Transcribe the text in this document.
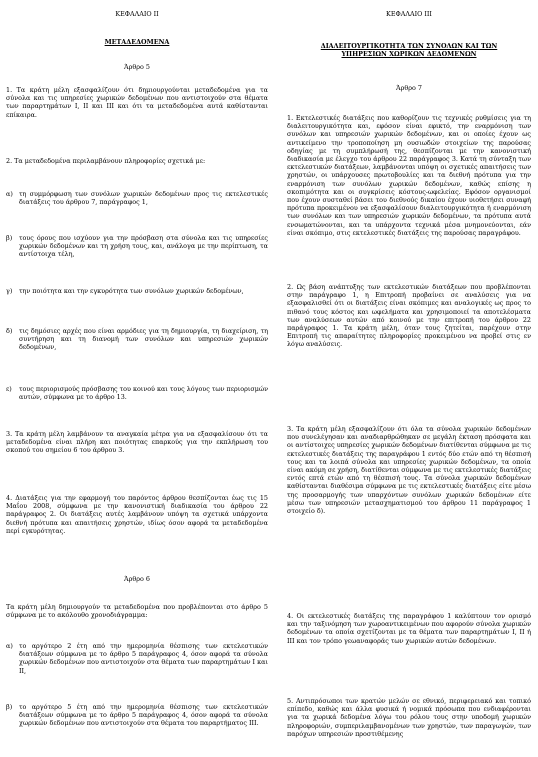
ΚΕΦΑΛΑΙΟ II
ΜΕΤΑΔΕΔΟΜΕΝΑ
Άρθρο 5
1. Τα κράτη μέλη εξασφαλίζουν ότι δημιουργούνται μεταδεδομένα για τα σύνολα και τις υπηρεσίες χωρικών δεδομένων που αντιστοιχούν στα θέματα των παραρτημάτων I, II και III και ότι τα μεταδεδομένα αυτά καθίστανται επίκαιρα.
2. Τα μεταδεδομένα περιλαμβάνουν πληροφορίες σχετικά με:
α) τη συμμόρφωση των συνόλων χωρικών δεδομένων προς τις εκτελεστικές διατάξεις του άρθρου 7, παράγραφος 1,
β) τους όρους που ισχύουν για την πρόσβαση στα σύνολα και τις υπηρεσίες χωρικών δεδομένων και τη χρήση τους, και, ανάλογα με την περίπτωση, τα αντίστοιχα τέλη,
γ) την ποιότητα και την εγκυρότητα των συνόλων χωρικών δεδομένων,
δ) τις δημόσιες αρχές που είναι αρμόδιες για τη δημιουργία, τη διαχείριση, τη συντήρηση και τη διανομή των συνόλων και υπηρεσιών χωρικών δεδομένων,
ε) τους περιορισμούς πρόσβασης του κοινού και τους λόγους των περιορισμών αυτών, σύμφωνα με το άρθρο 13.
3. Τα κράτη μέλη λαμβάνουν τα αναγκαία μέτρα για να εξασφαλίσουν ότι τα μεταδεδομένα είναι πλήρη και ποιότητας επαρκούς για την εκπλήρωση του σκοπού του σημείου 6 του άρθρου 3.
4. Διατάξεις για την εφαρμογή του παρόντος άρθρου θεσπίζονται έως τις 15 Μαΐου 2008, σύμφωνα με την κανονιστική διαδικασία του άρθρου 22 παράγραφος 2. Οι διατάξεις αυτές λαμβάνουν υπόψη τα σχετικά υπάρχοντα διεθνή πρότυπα και απαιτήσεις χρηστών, ιδίως όσον αφορά τα μεταδεδομένα περί εγκυρότητας.
Άρθρο 6
Τα κράτη μέλη δημιουργούν τα μεταδεδομένα που προβλέπονται στο άρθρο 5 σύμφωνα με το ακόλουθο χρονοδιάγραμμα:
α) το αργότερο 2 έτη από την ημερομηνία θέσπισης των εκτελεστικών διατάξεων σύμφωνα με το άρθρο 5 παράγραφος 4, όσον αφορά τα σύνολα χωρικών δεδομένων που αντιστοιχούν στα θέματα των παραρτημάτων I και II,
β) το αργότερο 5 έτη από την ημερομηνία θέσπισης των εκτελεστικών διατάξεων σύμφωνα με το άρθρο 5 παράγραφος 4, όσον αφορά τα σύνολα χωρικών δεδομένων που αντιστοιχούν στα θέματα του παραρτήματος III.
ΚΕΦΑΛΑΙΟ III
ΔΙΑΛΕΙΤΟΥΡΓΙΚΟΤΗΤΑ ΤΩΝ ΣΥΝΟΛΩΝ ΚΑΙ ΤΩΝ ΥΠΗΡΕΣΙΩΝ ΧΩΡΙΚΩΝ ΔΕΔΟΜΕΝΩΝ
Άρθρο 7
1. Εκτελεστικές διατάξεις που καθορίζουν τις τεχνικές ρυθμίσεις για τη διαλειτουργικότητα και, εφόσον είναι εφικτό, την εναρμόνιση των συνόλων και υπηρεσιών χωρικών δεδομένων, και οι οποίες έχουν ως αντικείμενο την τροποποίηση μη ουσιωδών στοιχείων της παρούσας οδηγίας με τη συμπλήρωσή της, θεσπίζονται με την κανονιστική διαδικασία με έλεγχο του άρθρου 22 παράγραφος 3. Κατά τη σύνταξη των εκτελεστικών διατάξεων, λαμβάνονται υπόψη οι σχετικές απαιτήσεις των χρηστών, οι υπάρχουσες πρωτοβουλίες και τα διεθνή πρότυπα για την εναρμόνιση των συνόλων χωρικών δεδομένων, καθώς επίσης η σκοπιμότητα και οι συγκρίσεις κόστους-ωφελείας. Εφόσον οργανισμοί που έχουν συσταθεί βάσει του διεθνούς δικαίου έχουν υιοθετήσει συναφή πρότυπα προκειμένου να εξασφαλίσουν διαλειτουργικότητα ή εναρμόνιση των συνόλων και των υπηρεσιών χωρικών δεδομένων, τα πρότυπα αυτά ενσωματώνονται, και τα υπάρχοντα τεχνικά μέσα μνημονεύονται, εάν είναι σκόπιμο, στις εκτελεστικές διατάξεις της παρούσας παραγράφου.
2. Ως βάση ανάπτυξης των εκτελεστικών διατάξεων που προβλέπονται στην παράγραφο 1, η Επιτροπή προβαίνει σε αναλύσεις για να εξασφαλισθεί ότι οι διατάξεις είναι σκόπιμες και αναλογικές ως προς το πιθανό τους κόστος και ωφελήματα και χρησιμοποιεί τα αποτελέσματα των αναλύσεων αυτών από κοινού με την επιτροπή του άρθρου 22 παράγραφος 1. Τα κράτη μέλη, όταν τους ζητείται, παρέχουν στην Επιτροπή τις απαραίτητες πληροφορίες προκειμένου να προβεί στις εν λόγω αναλύσεις.
3. Τα κράτη μέλη εξασφαλίζουν ότι όλα τα σύνολα χωρικών δεδομένων που συνελέγησαν και αναδιαρθρώθηκαν σε μεγάλη έκταση πρόσφατα και οι αντίστοιχες υπηρεσίες χωρικών δεδομένων διατίθενται σύμφωνα με τις εκτελεστικές διατάξεις της παραγράφου 1 εντός δύο ετών από τη θέσπισή τους και τα λοιπά σύνολα και υπηρεσίες χωρικών δεδομένων, τα οποία είναι ακόμη σε χρήση, διατίθενται σύμφωνα με τις εκτελεστικές διατάξεις εντός επτά ετών από τη θέσπισή τους. Τα σύνολα χωρικών δεδομένων καθίστανται διαθέσιμα σύμφωνα με τις εκτελεστικές διατάξεις είτε μέσω της προσαρμογής των υπαρχόντων συνόλων χωρικών δεδομένων είτε μέσω των υπηρεσιών μετασχηματισμού του άρθρου 11 παράγραφος 1 στοιχείο δ).
4. Οι εκτελεστικές διατάξεις της παραγράφου 1 καλύπτουν τον ορισμό και την ταξινόμηση των χωροαντικειμένων που αφορούν σύνολα χωρικών δεδομένων τα οποία σχετίζονται με τα θέματα των παραρτημάτων I, II ή III και τον τρόπο γεωαναφοράς των χωρικών αυτών δεδομένων.
5. Αντιπρόσωποι των κρατών μελών σε εθνικό, περιφερειακό και τοπικό επίπεδο, καθώς και άλλα φυσικά ή νομικά πρόσωπα που ενδιαφέρονται για τα χωρικά δεδομένα λόγω του ρόλου τους στην υποδομή χωρικών πληροφοριών, συμπεριλαμβανομένων των χρηστών, των παραγωγών, των παρόχων υπηρεσιών προστιθέμενης
